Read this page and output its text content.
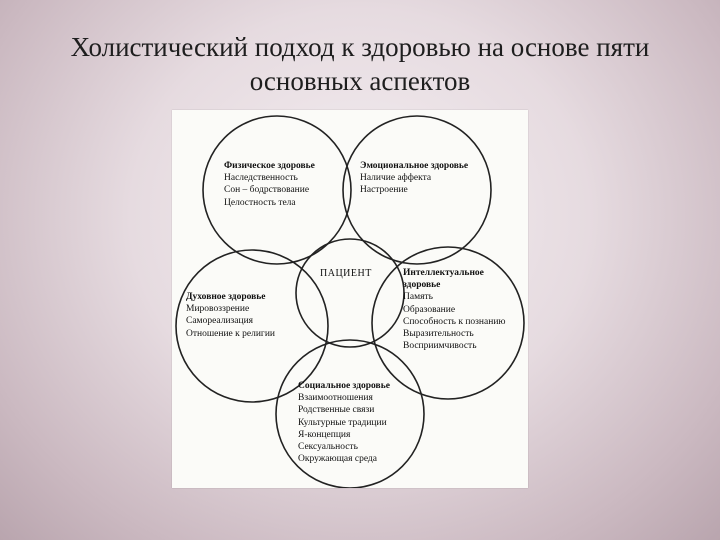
Холистический подход к здоровью на основе пяти
основных аспектов
Физическое здоровье
Наследственность
Сон – бодрствование
Целостность тела
Эмоциональное здоровье
Наличие аффекта
Настроение
ПАЦИЕНТ	Интеллектуальное
здоровье
Память
Образование
Способность к познанию
Выразительность
Восприимчивость
Духовное здоровье
Мировоззрение
Самореализация
Отношение к религии
Социальное здоровье
Взаимоотношения
Родственные связи
Культурные традиции
Я-концепция
Сексуальность
Окружающая среда
